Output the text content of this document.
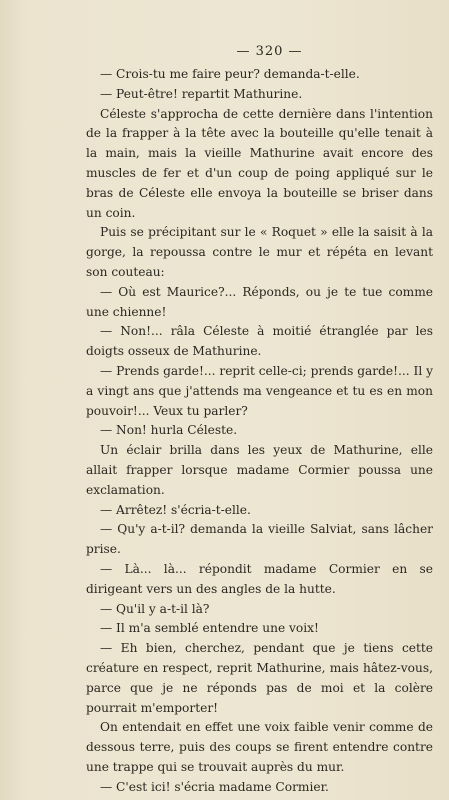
— 320 —

— Crois-tu me faire peur? demanda-t-elle.

— Peut-être! repartit Mathurine.

Céleste s'approcha de cette dernière dans l'intention de la frapper à la tête avec la bouteille qu'elle tenait à la main, mais la vieille Mathurine avait encore des muscles de fer et d'un coup de poing appliqué sur le bras de Céleste elle envoya la bouteille se briser dans un coin.

Puis se précipitant sur le « Roquet » elle la saisit à la gorge, la repoussa contre le mur et répéta en levant son couteau:

— Où est Maurice?... Réponds, ou je te tue comme une chienne!

— Non!... râla Céleste à moitié étranglée par les doigts osseux de Mathurine.

— Prends garde!... reprit celle-ci; prends garde!... Il y a vingt ans que j'attends ma vengeance et tu es en mon pouvoir!... Veux tu parler?

— Non! hurla Céleste.

Un éclair brilla dans les yeux de Mathurine, elle allait frapper lorsque madame Cormier poussa une exclamation.

— Arrêtez! s'écria-t-elle.

— Qu'y a-t-il? demanda la vieille Salviat, sans lâcher prise.

— Là... là... répondit madame Cormier en se dirigeant vers un des angles de la hutte.

— Qu'il y a-t-il là?

— Il m'a semblé entendre une voix!

— Eh bien, cherchez, pendant que je tiens cette créature en respect, reprit Mathurine, mais hâtez-vous, parce que je ne réponds pas de moi et la colère pourrait m'emporter!

On entendait en effet une voix faible venir comme de dessous terre, puis des coups se firent entendre contre une trappe qui se trouvait auprès du mur.

— C'est ici! s'écria madame Cormier.
